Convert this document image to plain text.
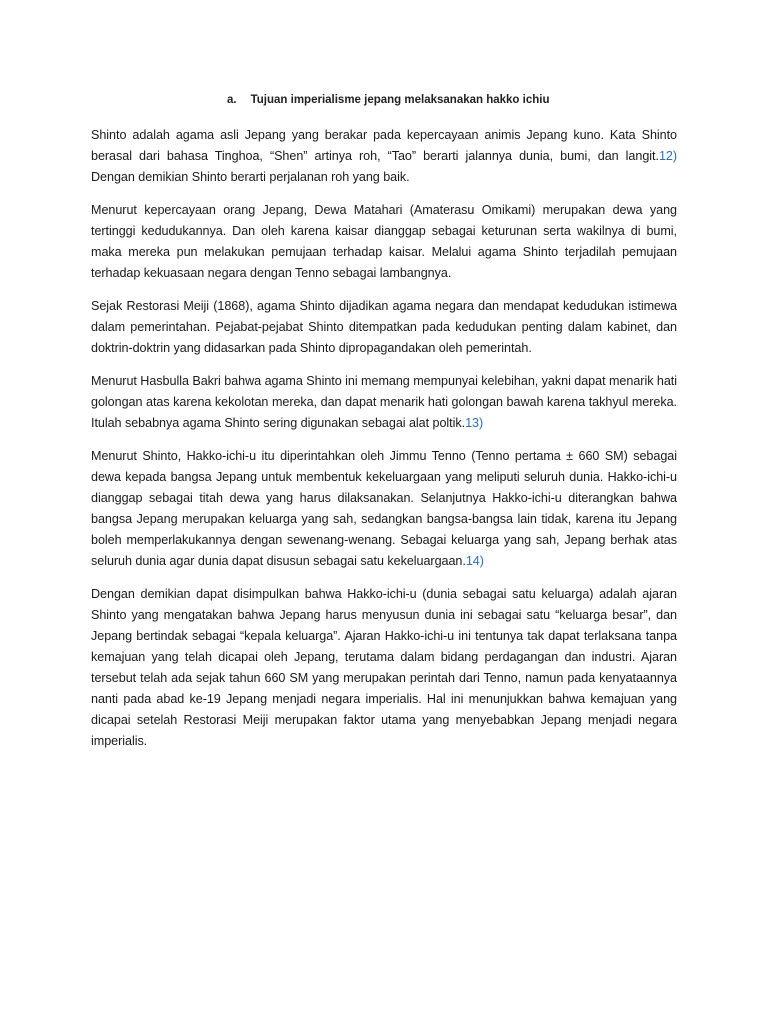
a. Tujuan imperialisme jepang melaksanakan hakko ichiu

Shinto adalah agama asli Jepang yang berakar pada kepercayaan animis Jepang kuno. Kata Shinto berasal dari bahasa Tinghoa, “Shen” artinya roh, “Tao” berarti jalannya dunia, bumi, dan langit.12) Dengan demikian Shinto berarti perjalanan roh yang baik.

Menurut kepercayaan orang Jepang, Dewa Matahari (Amaterasu Omikami) merupakan dewa yang tertinggi kedudukannya. Dan oleh karena kaisar dianggap sebagai keturunan serta wakilnya di bumi, maka mereka pun melakukan pemujaan terhadap kaisar. Melalui agama Shinto terjadilah pemujaan terhadap kekuasaan negara dengan Tenno sebagai lambangnya.

Sejak Restorasi Meiji (1868), agama Shinto dijadikan agama negara dan mendapat kedudukan istimewa dalam pemerintahan. Pejabat-pejabat Shinto ditempatkan pada kedudukan penting dalam kabinet, dan doktrin-doktrin yang didasarkan pada Shinto dipropagandakan oleh pemerintah.

Menurut Hasbulla Bakri bahwa agama Shinto ini memang mempunyai kelebihan, yakni dapat menarik hati golongan atas karena kekolotan mereka, dan dapat menarik hati golongan bawah karena takhyul mereka. Itulah sebabnya agama Shinto sering digunakan sebagai alat poltik.13)

Menurut Shinto, Hakko-ichi-u itu diperintahkan oleh Jimmu Tenno (Tenno pertama ± 660 SM) sebagai dewa kepada bangsa Jepang untuk membentuk kekeluargaan yang meliputi seluruh dunia. Hakko-ichi-u dianggap sebagai titah dewa yang harus dilaksanakan. Selanjutnya Hakko-ichi-u diterangkan bahwa bangsa Jepang merupakan keluarga yang sah, sedangkan bangsa-bangsa lain tidak, karena itu Jepang boleh memperlakukannya dengan sewenang-wenang. Sebagai keluarga yang sah, Jepang berhak atas seluruh dunia agar dunia dapat disusun sebagai satu kekeluargaan.14)

Dengan demikian dapat disimpulkan bahwa Hakko-ichi-u (dunia sebagai satu keluarga) adalah ajaran Shinto yang mengatakan bahwa Jepang harus menyusun dunia ini sebagai satu “keluarga besar”, dan Jepang bertindak sebagai “kepala keluarga”. Ajaran Hakko-ichi-u ini tentunya tak dapat terlaksana tanpa kemajuan yang telah dicapai oleh Jepang, terutama dalam bidang perdagangan dan industri. Ajaran tersebut telah ada sejak tahun 660 SM yang merupakan perintah dari Tenno, namun pada kenyataannya nanti pada abad ke-19 Jepang menjadi negara imperialis. Hal ini menunjukkan bahwa kemajuan yang dicapai setelah Restorasi Meiji merupakan faktor utama yang menyebabkan Jepang menjadi negara imperialis.
